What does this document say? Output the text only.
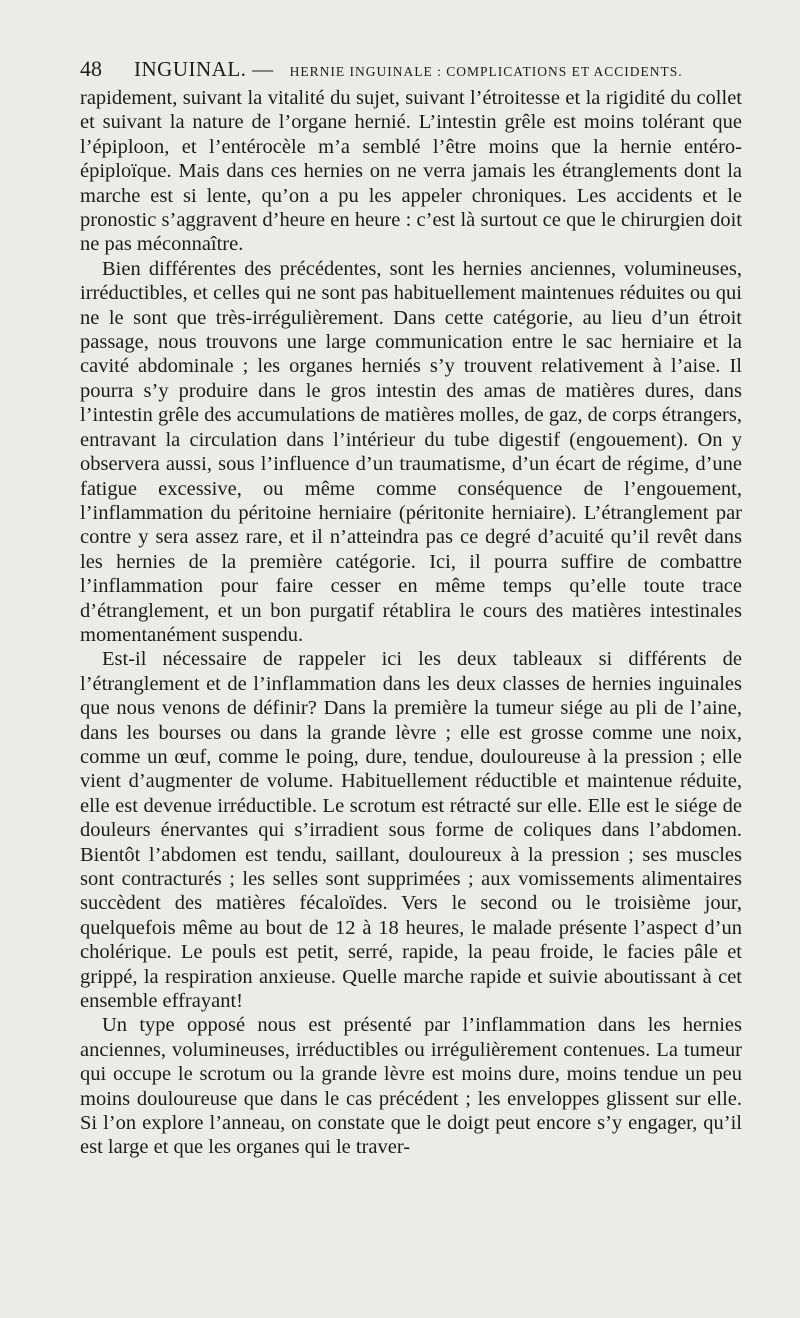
48 INGUINAL. — HERNIE INGUINALE : COMPLICATIONS ET ACCIDENTS.

rapidement, suivant la vitalité du sujet, suivant l’étroitesse et la rigidité du collet et suivant la nature de l’organe hernié. L’intestin grêle est moins tolérant que l’épiploon, et l’entérocèle m’a semblé l’être moins que la hernie entéro-épiploïque. Mais dans ces hernies on ne verra jamais les étranglements dont la marche est si lente, qu’on a pu les appeler chroniques. Les accidents et le pronostic s’aggravent d’heure en heure : c’est là surtout ce que le chirurgien doit ne pas méconnaître.

Bien différentes des précédentes, sont les hernies anciennes, volumineuses, irréductibles, et celles qui ne sont pas habituellement maintenues réduites ou qui ne le sont que très-irrégulièrement. Dans cette catégorie, au lieu d’un étroit passage, nous trouvons une large communication entre le sac herniaire et la cavité abdominale ; les organes herniés s’y trouvent relativement à l’aise. Il pourra s’y produire dans le gros intestin des amas de matières dures, dans l’intestin grêle des accumulations de matières molles, de gaz, de corps étrangers, entravant la circulation dans l’intérieur du tube digestif (engouement). On y observera aussi, sous l’influence d’un traumatisme, d’un écart de régime, d’une fatigue excessive, ou même comme conséquence de l’engouement, l’inflammation du péritoine herniaire (péritonite herniaire). L’étranglement par contre y sera assez rare, et il n’atteindra pas ce degré d’acuité qu’il revêt dans les hernies de la première catégorie. Ici, il pourra suffire de combattre l’inflammation pour faire cesser en même temps qu’elle toute trace d’étranglement, et un bon purgatif rétablira le cours des matières intestinales momentanément suspendu.

Est-il nécessaire de rappeler ici les deux tableaux si différents de l’étranglement et de l’inflammation dans les deux classes de hernies inguinales que nous venons de définir? Dans la première la tumeur siége au pli de l’aine, dans les bourses ou dans la grande lèvre ; elle est grosse comme une noix, comme un œuf, comme le poing, dure, tendue, douloureuse à la pression ; elle vient d’augmenter de volume. Habituellement réductible et maintenue réduite, elle est devenue irréductible. Le scrotum est rétracté sur elle. Elle est le siége de douleurs énervantes qui s’irradient sous forme de coliques dans l’abdomen. Bientôt l’abdomen est tendu, saillant, douloureux à la pression ; ses muscles sont contracturés ; les selles sont supprimées ; aux vomissements alimentaires succèdent des matières fécaloïdes. Vers le second ou le troisième jour, quelquefois même au bout de 12 à 18 heures, le malade présente l’aspect d’un cholérique. Le pouls est petit, serré, rapide, la peau froide, le facies pâle et grippé, la respiration anxieuse. Quelle marche rapide et suivie aboutissant à cet ensemble effrayant!

Un type opposé nous est présenté par l’inflammation dans les hernies anciennes, volumineuses, irréductibles ou irrégulièrement contenues. La tumeur qui occupe le scrotum ou la grande lèvre est moins dure, moins tendue un peu moins douloureuse que dans le cas précédent ; les enveloppes glissent sur elle. Si l’on explore l’anneau, on constate que le doigt peut encore s’y engager, qu’il est large et que les organes qui le traver-
